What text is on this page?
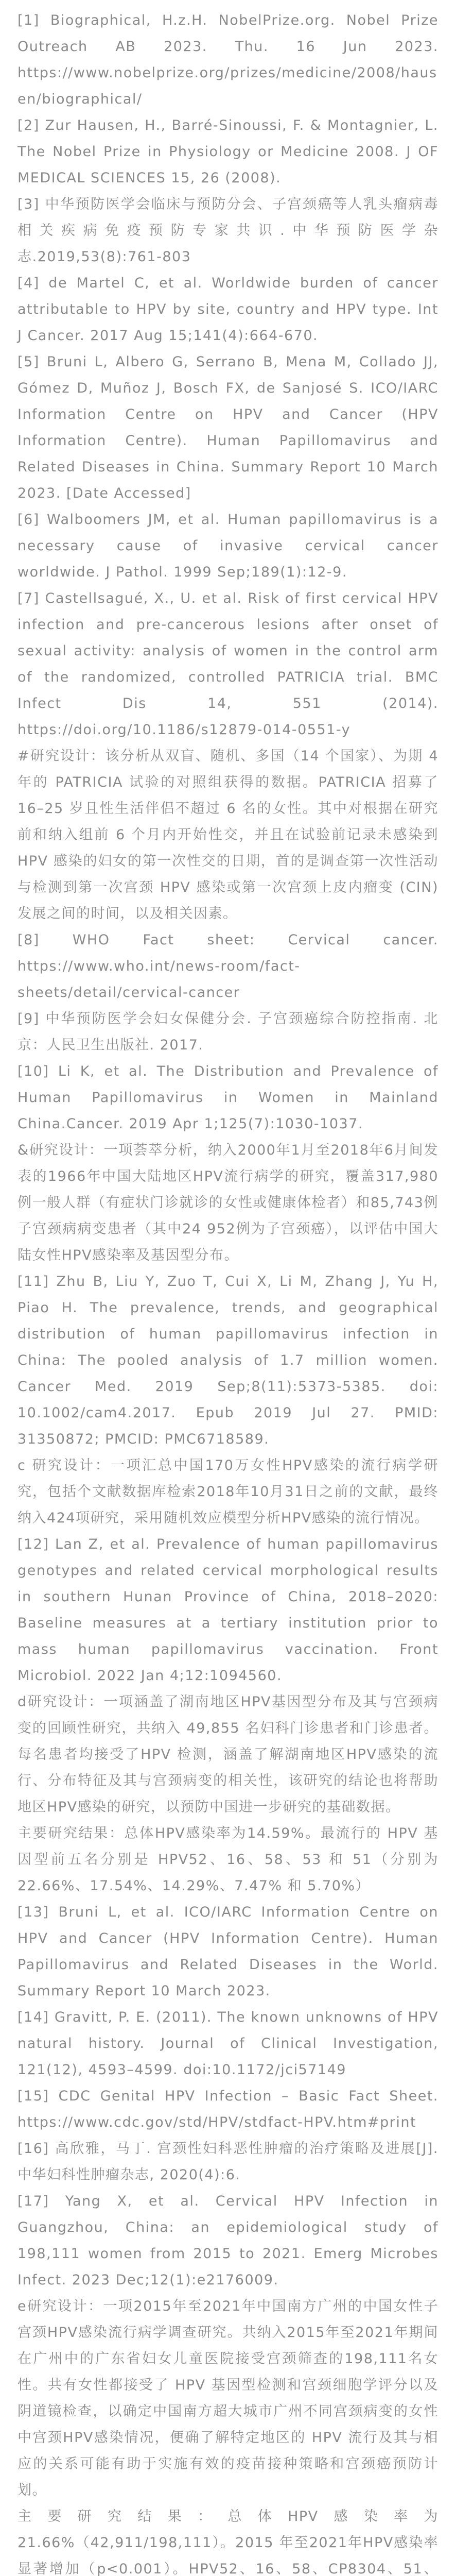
[1] Biographical, H.z.H. NobelPrize.org. Nobel Prize Outreach AB 2023. Thu. 16 Jun 2023. https://www.nobelprize.org/prizes/medicine/2008/hausen/biographical/

[2] Zur Hausen, H., Barré-Sinoussi, F. & Montagnier, L. The Nobel Prize in Physiology or Medicine 2008. J OF MEDICAL SCIENCES 15, 26 (2008).

[3] 中华预防医学会临床与预防分会、子宫颈癌等人乳头瘤病毒相关疾病免疫预防专家共识.中华预防医学杂志.2019,53(8):761-803

[4] de Martel C, et al. Worldwide burden of cancer attributable to HPV by site, country and HPV type. Int J Cancer. 2017 Aug 15;141(4):664-670.

[5] Bruni L, Albero G, Serrano B, Mena M, Collado JJ, Gómez D, Muñoz J, Bosch FX, de Sanjosé S. ICO/IARC Information Centre on HPV and Cancer (HPV Information Centre). Human Papillomavirus and Related Diseases in China. Summary Report 10 March 2023. [Date Accessed]

[6] Walboomers JM, et al. Human papillomavirus is a necessary cause of invasive cervical cancer worldwide. J Pathol. 1999 Sep;189(1):12-9.

[7] Castellsagué, X., U. et al. Risk of first cervical HPV infection and pre-cancerous lesions after onset of sexual activity: analysis of women in the control arm of the randomized, controlled PATRICIA trial. BMC Infect Dis 14, 551 (2014). https://doi.org/10.1186/s12879-014-0551-y

#研究设计：该分析从双盲、随机、多国（14 个国家）、为期 4 年的 PATRICIA 试验的对照组获得的数据。PATRICIA 招募了 16–25 岁且性生活伴侣不超过 6 名的女性。其中对根据在研究前和纳入组前 6 个月内开始性交，并且在试验前记录未感染到 HPV 感染的妇女的第一次性交的日期，首的是调查第一次性活动与检测到第一次宫颈 HPV 感染或第一次宫颈上皮内瘤变 (CIN) 发展之间的时间，以及相关因素。

[8] WHO Fact sheet: Cervical cancer. https://www.who.int/news-room/fact-sheets/detail/cervical-cancer

[9] 中华预防医学会妇女保健分会. 子宫颈癌综合防控指南. 北京：人民卫生出版社. 2017.

[10] Li K, et al. The Distribution and Prevalence of Human Papillomavirus in Women in Mainland China.Cancer. 2019 Apr 1;125(7):1030-1037.

&研究设计：一项荟萃分析，纳入2000年1月至2018年6月间发表的1966年中国大陆地区HPV流行病学的研究，覆盖317,980例一般人群（有症状门诊就诊的女性或健康体检者）和85,743例子宫颈病病变患者（其中24 952例为子宫颈癌），以评估中国大陆女性HPV感染率及基因型分布。

[11] Zhu B, Liu Y, Zuo T, Cui X, Li M, Zhang J, Yu H, Piao H. The prevalence, trends, and geographical distribution of human papillomavirus infection in China: The pooled analysis of 1.7 million women. Cancer Med. 2019 Sep;8(11):5373-5385. doi: 10.1002/cam4.2017. Epub 2019 Jul 27. PMID: 31350872; PMCID: PMC6718589.

c 研究设计：一项汇总中国170万女性HPV感染的流行病学研究，包括个文献数据库检索2018年10月31日之前的文献，最终纳入424项研究，采用随机效应模型分析HPV感染的流行情况。

[12] Lan Z, et al. Prevalence of human papillomavirus genotypes and related cervical morphological results in southern Hunan Province of China, 2018–2020: Baseline measures at a tertiary institution prior to mass human papillomavirus vaccination. Front Microbiol. 2022 Jan 4;12:1094560.

d研究设计：一项涵盖了湖南地区HPV基因型分布及其与宫颈病变的回顾性研究，共纳入 49,855 名妇科门诊患者和门诊患者。每名患者均接受了HPV 检测，涵盖了解湖南地区HPV感染的流行、分布特征及其与宫颈病变的相关性，该研究的结论也将帮助地区HPV感染的研究，以预防中国进一步研究的基础数据。

主要研究结果：总体HPV感染率为14.59%。最流行的 HPV 基因型前五名分别是 HPV52、16、58、53 和 51（分别为 22.66%、17.54%、14.29%、7.47% 和 5.70%）

[13] Bruni L, et al. ICO/IARC Information Centre on HPV and Cancer (HPV Information Centre). Human Papillomavirus and Related Diseases in the World. Summary Report 10 March 2023.

[14] Gravitt, P. E. (2011). The known unknowns of HPV natural history. Journal of Clinical Investigation, 121(12), 4593–4599. doi:10.1172/jci57149

[15] CDC Genital HPV Infection – Basic Fact Sheet. https://www.cdc.gov/std/HPV/stdfact-HPV.htm#print

[16] 高欣雅，马丁. 宫颈性妇科恶性肿瘤的治疗策略及进展[J]. 中华妇科性肿瘤杂志, 2020(4):6.

[17] Yang X, et al. Cervical HPV Infection in Guangzhou, China: an epidemiological study of 198,111 women from 2015 to 2021. Emerg Microbes Infect. 2023 Dec;12(1):e2176009.

e研究设计：一项2015年至2021年中国南方广州的中国女性子宫颈HPV感染流行病学调查研究。共纳入2015年至2021年期间在广州中的广东省妇女儿童医院接受宫颈筛查的198,111名女性。共有女性都接受了 HPV 基因型检测和宫颈细胞学评分以及阴道镜检查，以确定中国南方超大城市广州不同宫颈病变的女性中宫颈HPV感染情况，便确了解特定地区的 HPV 流行及其与相应的关系可能有助于实施有效的疫苗接种策略和宫颈癌预防计划。

主要研究结果：总体HPV感染率为21.66%（42,911/198,111）。2015 年至2021年HPV感染率显著增加（p<0.001）。HPV52、16、58、CP8304、51、
